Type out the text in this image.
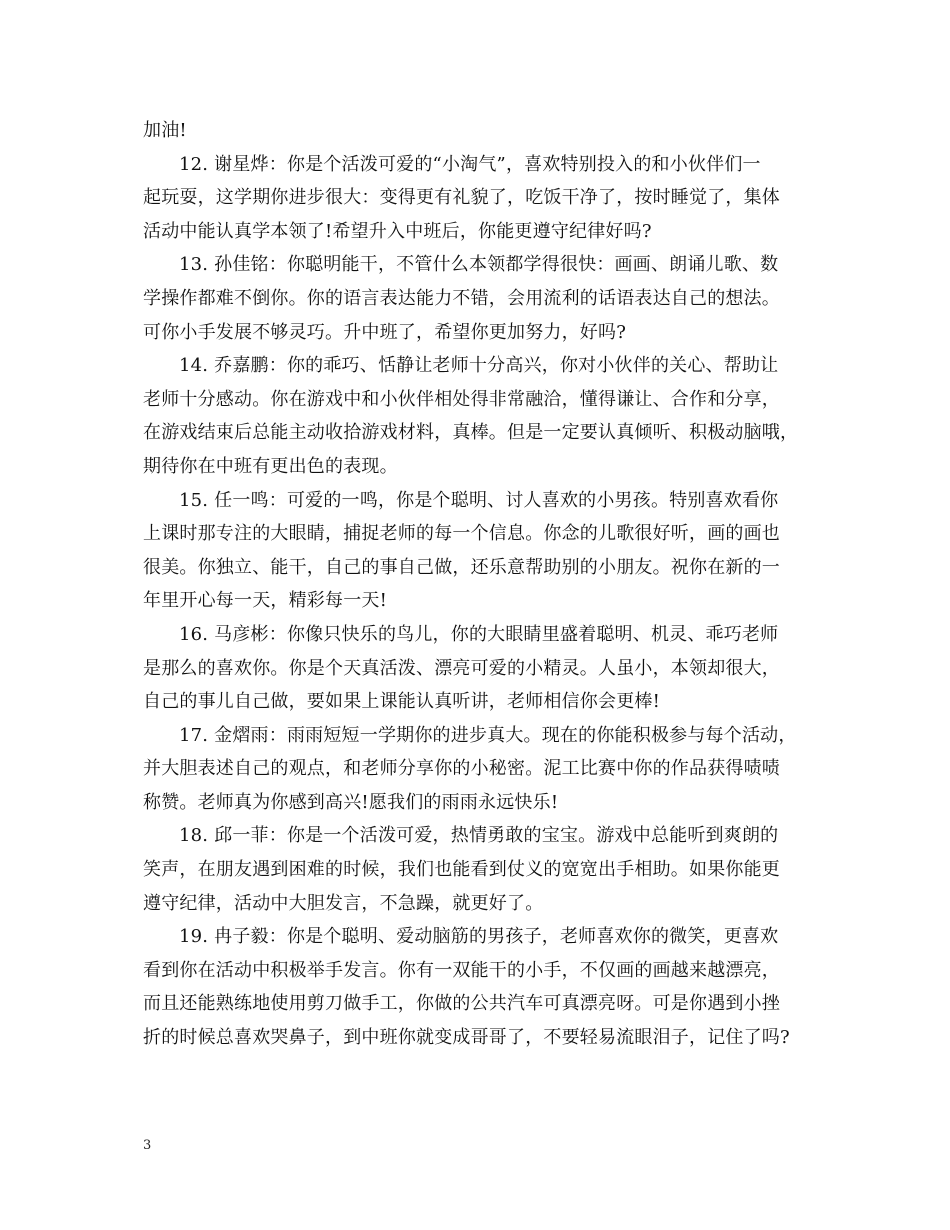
加油!
12. 谢星烨：你是个活泼可爱的“小淘气”，喜欢特别投入的和小伙伴们一
起玩耍，这学期你进步很大：变得更有礼貌了，吃饭干净了，按时睡觉了，集体
活动中能认真学本领了!希望升入中班后，你能更遵守纪律好吗?
13. 孙佳铭：你聪明能干，不管什么本领都学得很快：画画、朗诵儿歌、数
学操作都难不倒你。你的语言表达能力不错，会用流利的话语表达自己的想法。
可你小手发展不够灵巧。升中班了，希望你更加努力，好吗?
14. 乔嘉鹏：你的乖巧、恬静让老师十分高兴，你对小伙伴的关心、帮助让
老师十分感动。你在游戏中和小伙伴相处得非常融洽，懂得谦让、合作和分享，
在游戏结束后总能主动收拾游戏材料，真棒。但是一定要认真倾听、积极动脑哦，
期待你在中班有更出色的表现。
15. 任一鸣：可爱的一鸣，你是个聪明、讨人喜欢的小男孩。特别喜欢看你
上课时那专注的大眼睛，捕捉老师的每一个信息。你念的儿歌很好听，画的画也
很美。你独立、能干，自己的事自己做，还乐意帮助别的小朋友。祝你在新的一
年里开心每一天，精彩每一天!
16. 马彦彬：你像只快乐的鸟儿，你的大眼睛里盛着聪明、机灵、乖巧老师
是那么的喜欢你。你是个天真活泼、漂亮可爱的小精灵。人虽小，本领却很大，
自己的事儿自己做，要如果上课能认真听讲，老师相信你会更棒!
17. 金熠雨：雨雨短短一学期你的进步真大。现在的你能积极参与每个活动，
并大胆表述自己的观点，和老师分享你的小秘密。泥工比赛中你的作品获得啧啧
称赞。老师真为你感到高兴!愿我们的雨雨永远快乐!
18. 邱一菲：你是一个活泼可爱，热情勇敢的宝宝。游戏中总能听到爽朗的
笑声，在朋友遇到困难的时候，我们也能看到仗义的宽宽出手相助。如果你能更
遵守纪律，活动中大胆发言，不急躁，就更好了。
19. 冉子毅：你是个聪明、爱动脑筋的男孩子，老师喜欢你的微笑，更喜欢
看到你在活动中积极举手发言。你有一双能干的小手，不仅画的画越来越漂亮，
而且还能熟练地使用剪刀做手工，你做的公共汽车可真漂亮呀。可是你遇到小挫
折的时候总喜欢哭鼻子，到中班你就变成哥哥了，不要轻易流眼泪子，记住了吗?
3
